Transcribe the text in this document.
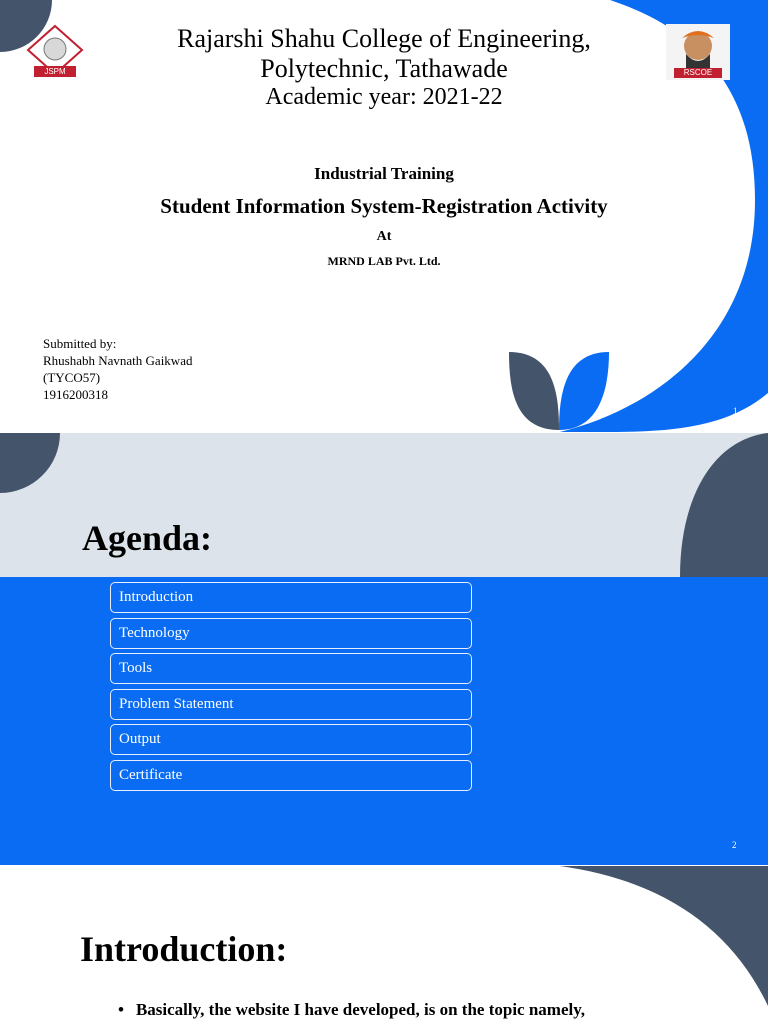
JSPM	RSCOE
Rajarshi Shahu College of Engineering,
Polytechnic, Tathawade
Academic year: 2021-22
Industrial Training
Student Information System-Registration Activity
At
MRND LAB Pvt. Ltd.
Submitted by:
Rhushabh Navnath Gaikwad
(TYCO57)
1916200318
1
Agenda:
Introduction
Technology
Tools
Problem Statement
Output
Certificate
2
Introduction:
• Basically, the website I have developed, is on the topic namely,
